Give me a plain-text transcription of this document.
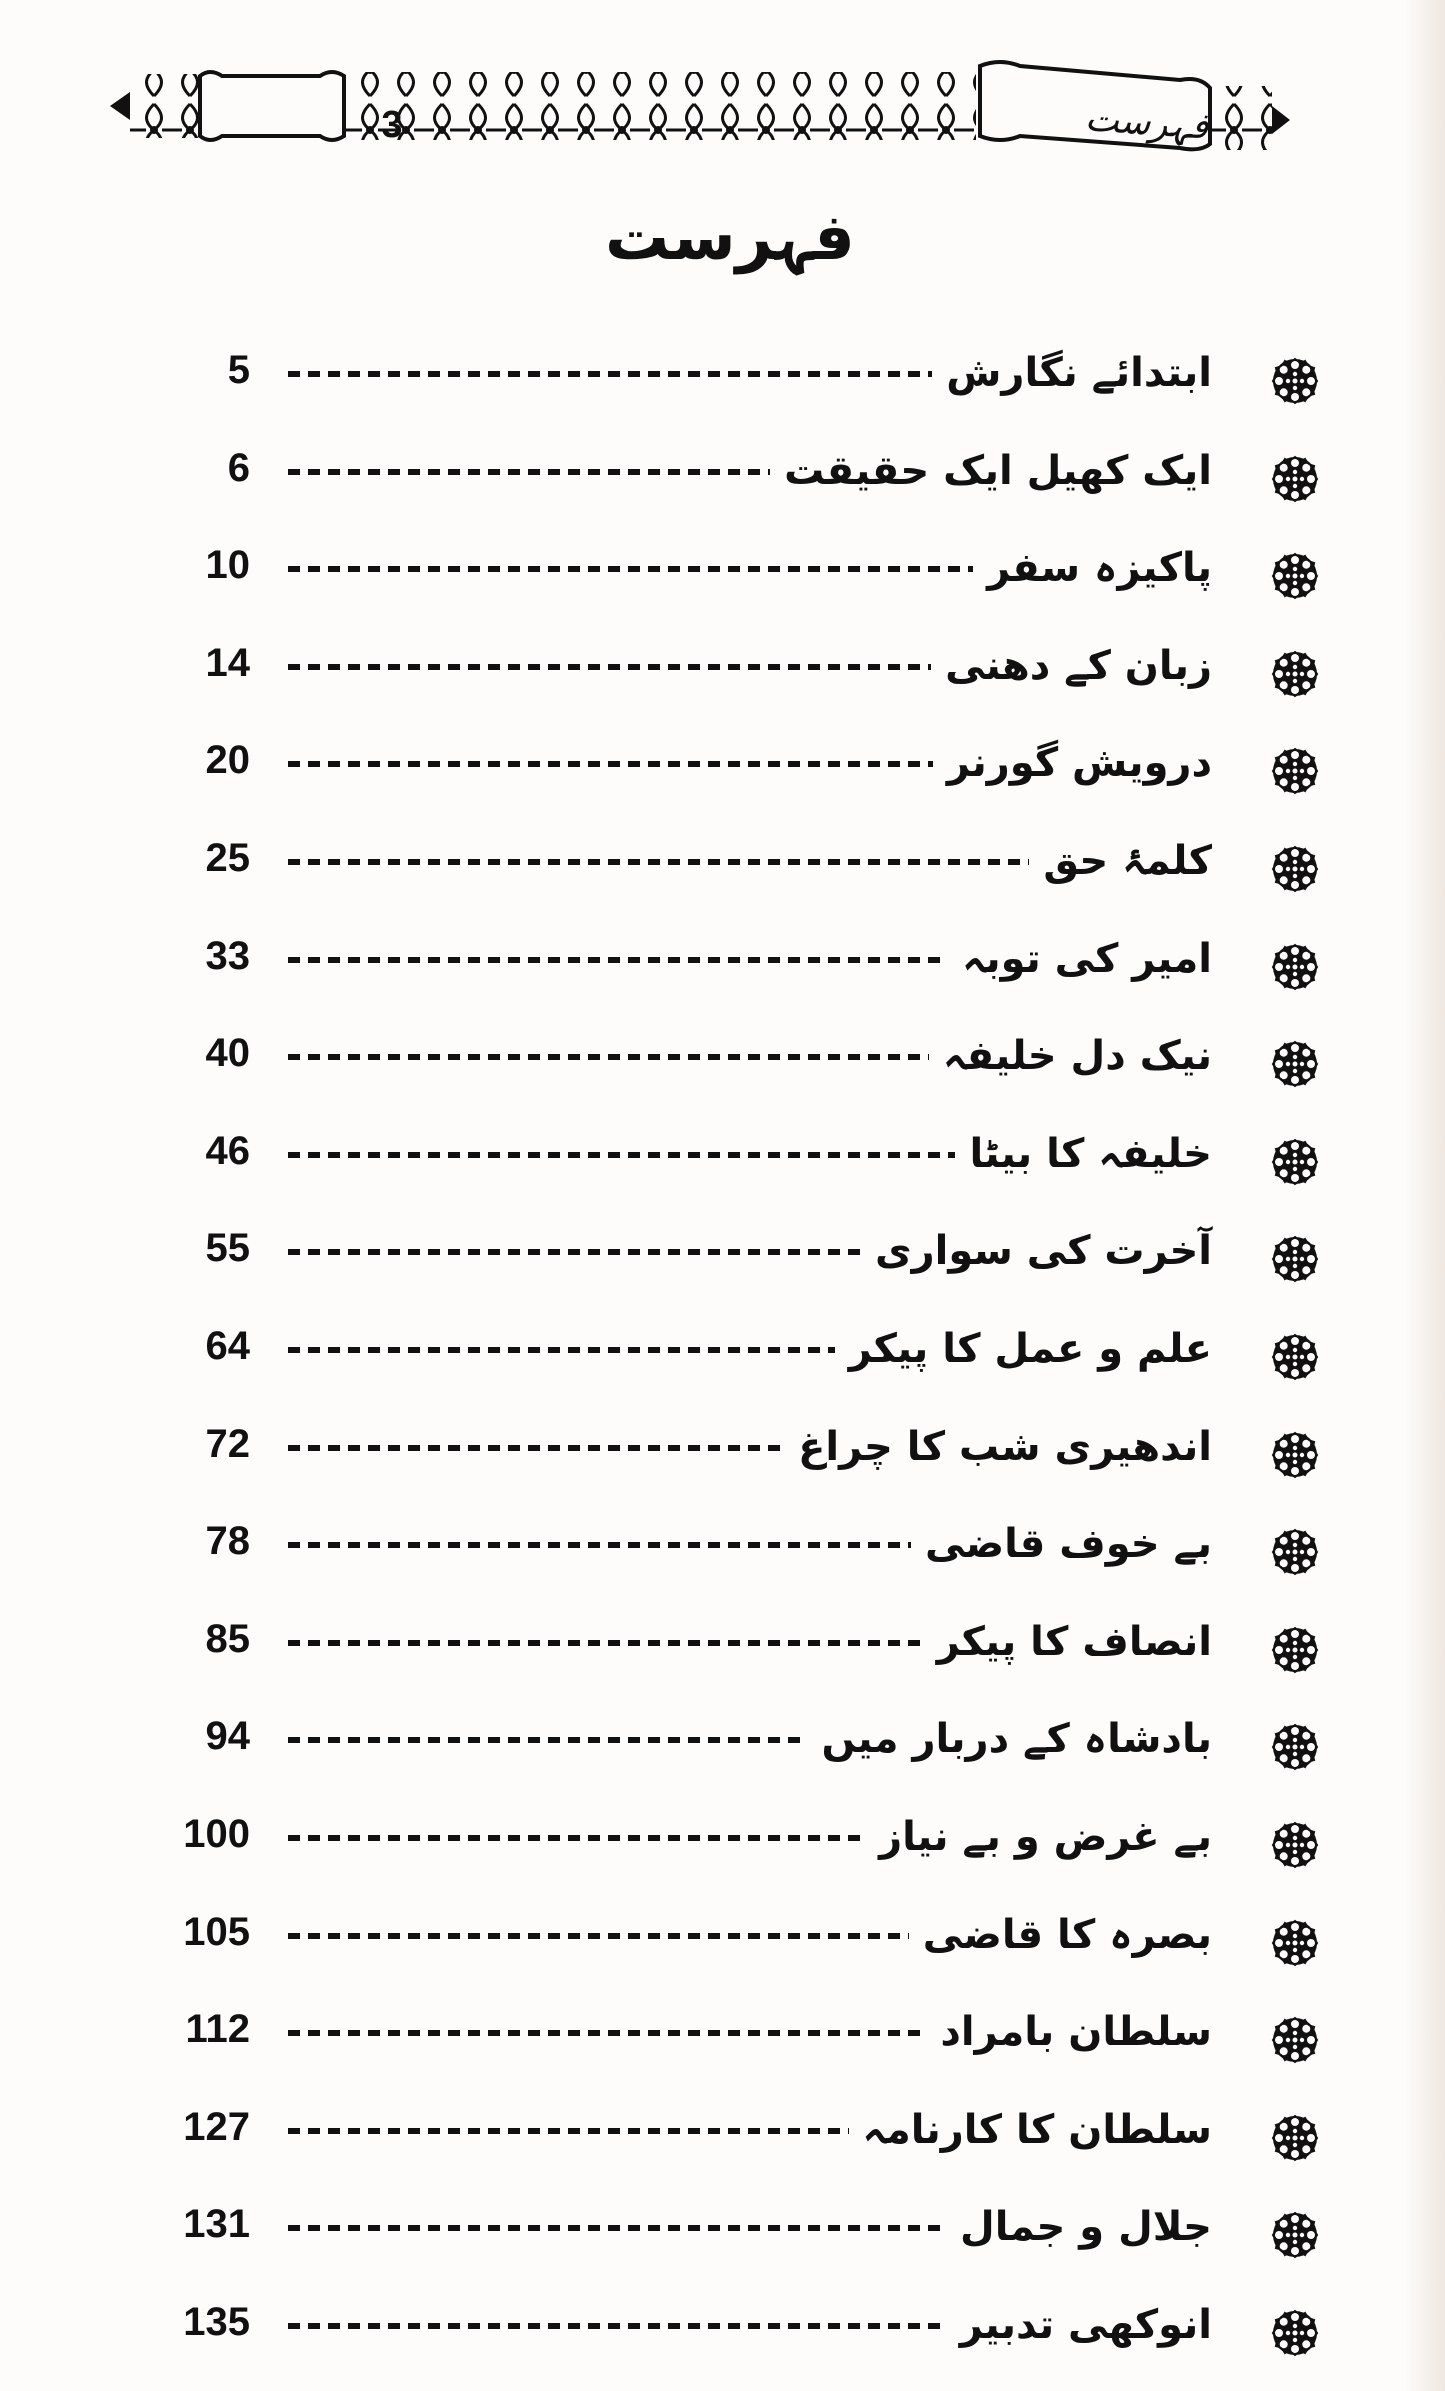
3	فہرست
فہرست
5	ابتدائے نگارش
6	ایک کھیل ایک حقیقت
10	پاکیزہ سفر
14	زبان کے دھنی
20	درویش گورنر
25	کلمۂ حق
33	امیر کی توبہ
40	نیک دل خلیفہ
46	خلیفہ کا بیٹا
55	آخرت کی سواری
64	علم و عمل کا پیکر
72	اندھیری شب کا چراغ
78	بے خوف قاضی
85	انصاف کا پیکر
94	بادشاہ کے دربار میں
100	بے غرض و بے نیاز
105	بصرہ کا قاضی
112	سلطان بامراد
127	سلطان کا کارنامہ
131	جلال و جمال
135	انوکھی تدبیر
